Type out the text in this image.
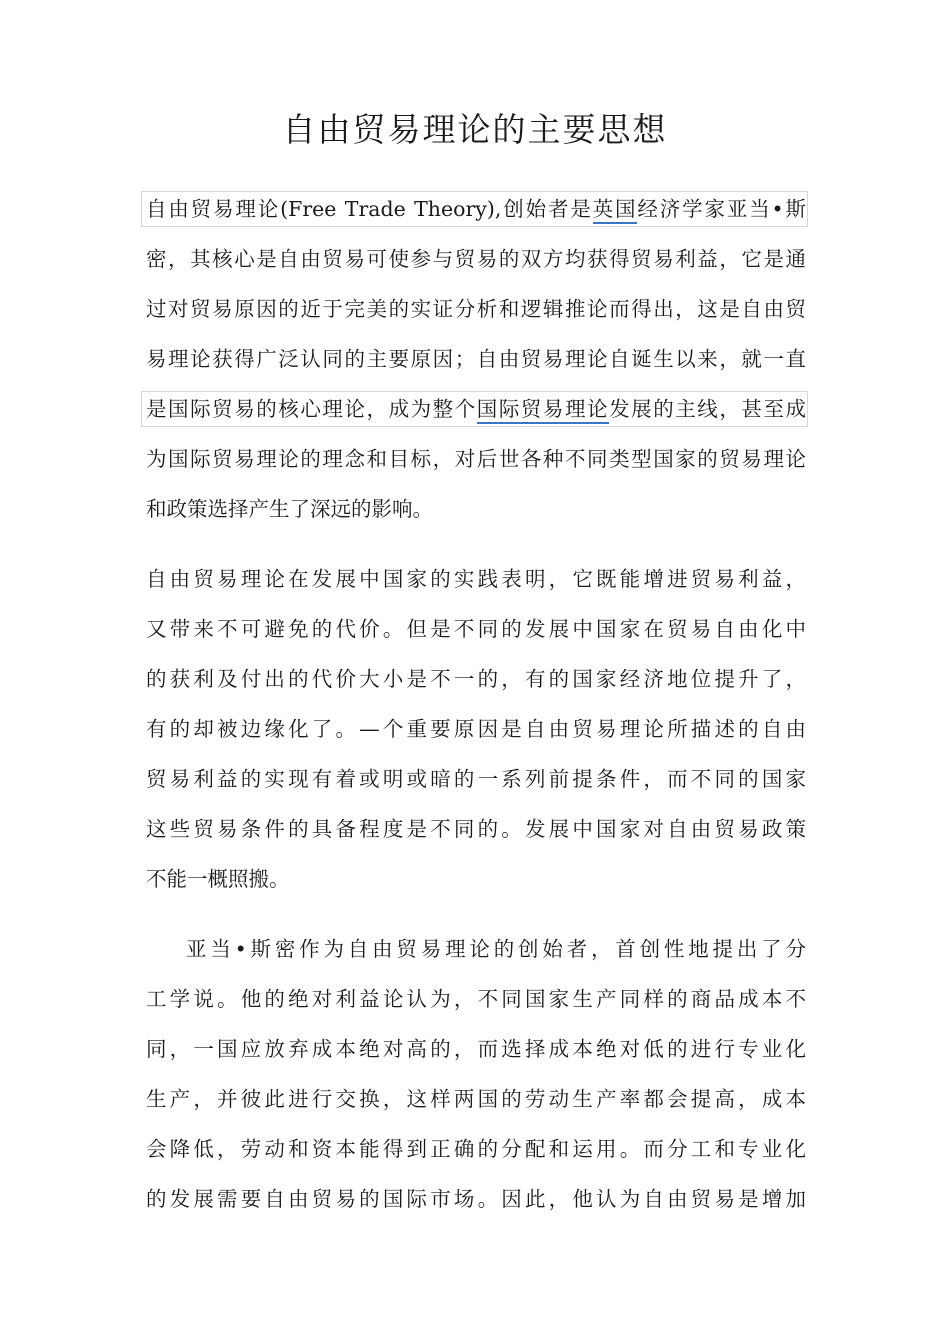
自由贸易理论的主要思想
自由贸易理论(Free Trade Theory),创始者是英国经济学家亚当•斯
密，其核心是自由贸易可使参与贸易的双方均获得贸易利益，它是通
过对贸易原因的近于完美的实证分析和逻辑推论而得出，这是自由贸
易理论获得广泛认同的主要原因；自由贸易理论自诞生以来，就一直
是国际贸易的核心理论，成为整个国际贸易理论发展的主线，甚至成
为国际贸易理论的理念和目标，对后世各种不同类型国家的贸易理论
和政策选择产生了深远的影响。
自由贸易理论在发展中国家的实践表明，它既能增进贸易利益，
又带来不可避免的代价。但是不同的发展中国家在贸易自由化中
的获利及付出的代价大小是不一的，有的国家经济地位提升了，
有的却被边缘化了。—个重要原因是自由贸易理论所描述的自由
贸易利益的实现有着或明或暗的一系列前提条件，而不同的国家
这些贸易条件的具备程度是不同的。发展中国家对自由贸易政策
不能一概照搬。
亚当•斯密作为自由贸易理论的创始者，首创性地提出了分
工学说。他的绝对利益论认为，不同国家生产同样的商品成本不
同，一国应放弃成本绝对高的，而选择成本绝对低的进行专业化
生产，并彼此进行交换，这样两国的劳动生产率都会提高，成本
会降低，劳动和资本能得到正确的分配和运用。而分工和专业化
的发展需要自由贸易的国际市场。因此，他认为自由贸易是增加
